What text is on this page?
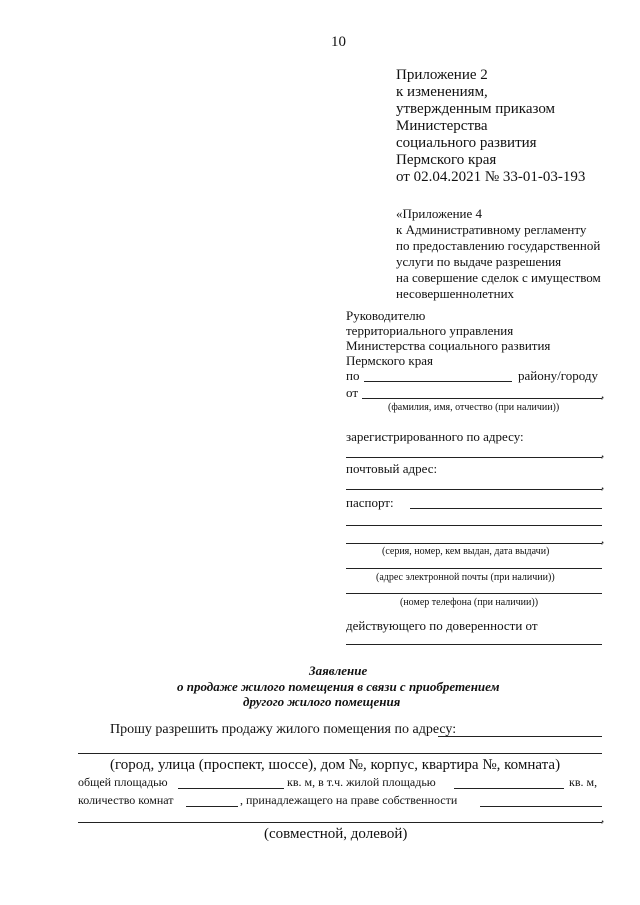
10
Приложение 2
к изменениям,
утвержденным приказом
Министерства
социального развития
Пермского края
от 02.04.2021 № 33-01-03-193
«Приложение 4
к Административному регламенту
по предоставлению государственной
услуги по выдаче разрешения
на совершение сделок с имуществом
несовершеннолетних
Руководителю
территориального управления
Министерства социального развития
Пермского края
по	району/городу
от	,
(фамилия, имя, отчество (при наличии))
зарегистрированного по адресу:
,
почтовый адрес:
,
паспорт:
,
(серия, номер, кем выдан, дата выдачи)
(адрес электронной почты (при наличии))
(номер телефона (при наличии))
действующего по доверенности от
Заявление
о продаже жилого помещения в связи с приобретением
другого жилого помещения
Прошу разрешить продажу жилого помещения по адресу:
(город, улица (проспект, шоссе), дом №, корпус, квартира №, комната)
общей площадью	кв. м, в т.ч. жилой площадью	кв. м,
количество комнат	, принадлежащего на праве собственности
,
(совместной, долевой)
